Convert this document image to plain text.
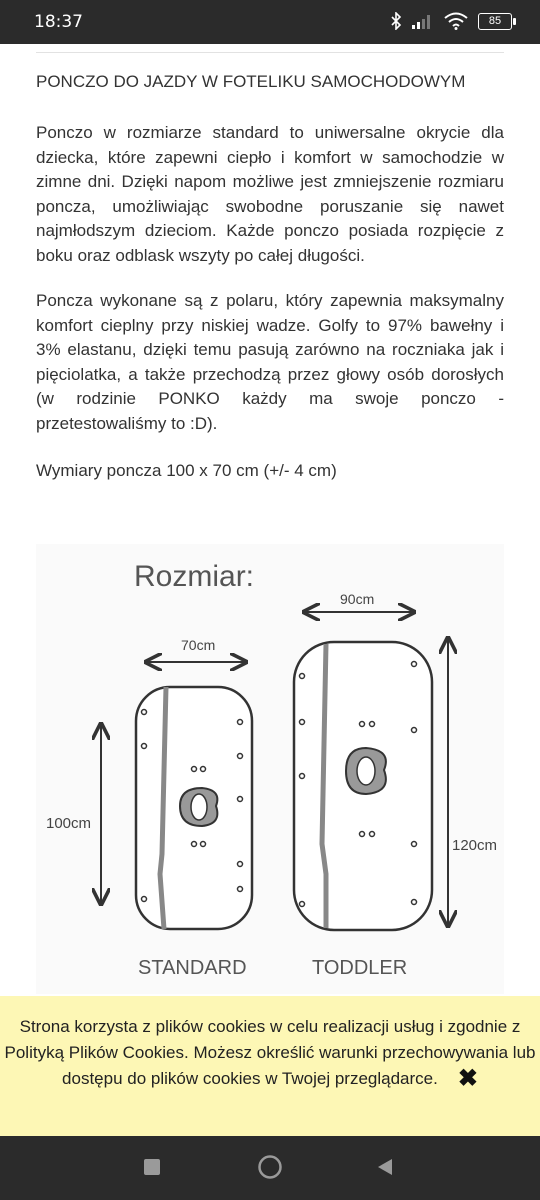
18:37	85
PONCZO DO JAZDY W FOTELIKU SAMOCHODOWYM

Ponczo w rozmiarze standard to uniwersalne okrycie dla dziecka, które zapewni ciepło i komfort w samochodzie w zimne dni. Dzięki napom możliwe jest zmniejszenie rozmiaru poncza, umożliwiając swobodne poruszanie się nawet najmłodszym dzieciom. Każde ponczo posiada rozpięcie z boku oraz odblask wszyty po całej długości.

Poncza wykonane są z polaru, który zapewnia maksymalny komfort cieplny przy niskiej wadze. Golfy to 97% bawełny i 3% elastanu, dzięki temu pasują zarówno na roczniaka jak i pięciolatka, a także przechodzą przez głowy osób dorosłych (w rodzinie PONKO każdy ma swoje ponczo - przetestowaliśmy to :D).

Wymiary poncza 100 x 70 cm (+/- 4 cm)

Rozmiar:
70cm
100cm
STANDARD
90cm
120cm
TODDLER
Strona korzysta z plików cookies w celu realizacji usług i zgodnie z Polityką Plików Cookies. Możesz określić warunki przechowywania lub dostępu do plików cookies w Twojej przeglądarce. ✖
